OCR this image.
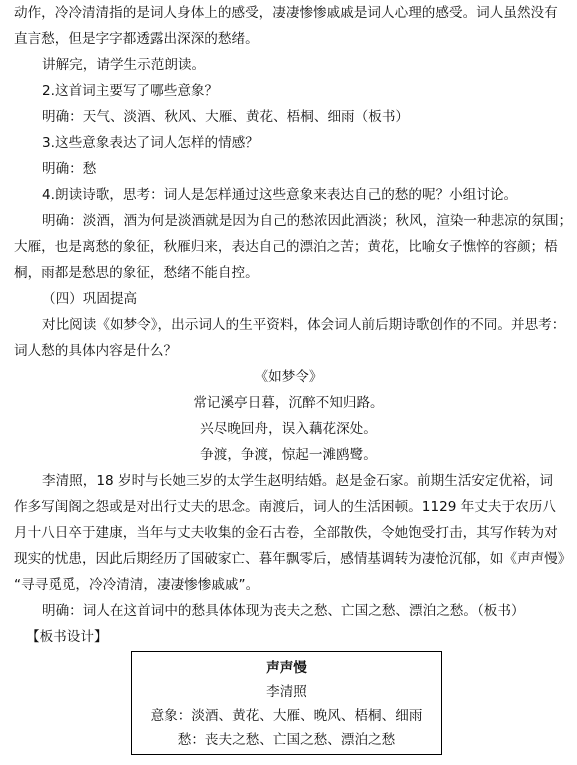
动作，冷冷清清指的是词人身体上的感受，凄凄惨惨戚戚是词人心理的感受。词人虽然没有
直言愁，但是字字都透露出深深的愁绪。
讲解完，请学生示范朗读。
2.这首词主要写了哪些意象？
明确：天气、淡酒、秋风、大雁、黄花、梧桐、细雨（板书）
3.这些意象表达了词人怎样的情感？
明确：愁
4.朗读诗歌，思考：词人是怎样通过这些意象来表达自己的愁的呢？小组讨论。
明确：淡酒，酒为何是淡酒就是因为自己的愁浓因此酒淡；秋风，渲染一种悲凉的氛围；
大雁，也是离愁的象征，秋雁归来，表达自己的漂泊之苦；黄花，比喻女子憔悴的容颜；梧
桐，雨都是愁思的象征，愁绪不能自控。
（四）巩固提高
对比阅读《如梦令》，出示词人的生平资料，体会词人前后期诗歌创作的不同。并思考：
词人愁的具体内容是什么？
《如梦令》
常记溪亭日暮，沉醉不知归路。
兴尽晚回舟，误入藕花深处。
争渡，争渡，惊起一滩鸥鹭。
李清照，18 岁时与长她三岁的太学生赵明结婚。赵是金石家。前期生活安定优裕，词
作多写闺阁之怨或是对出行丈夫的思念。南渡后，词人的生活困顿。1129 年丈夫于农历八
月十八日卒于建康，当年与丈夫收集的金石古卷，全部散佚，令她饱受打击，其写作转为对
现实的忧患，因此后期经历了国破家亡、暮年飘零后，感情基调转为凄怆沉郁，如《声声慢》
“寻寻觅觅，冷冷清清，凄凄惨惨戚戚”。
明确：词人在这首词中的愁具体体现为丧夫之愁、亡国之愁、漂泊之愁。（板书）
【板书设计】
声声慢
李清照
意象：淡酒、黄花、大雁、晚风、梧桐、细雨
愁：丧夫之愁、亡国之愁、漂泊之愁
